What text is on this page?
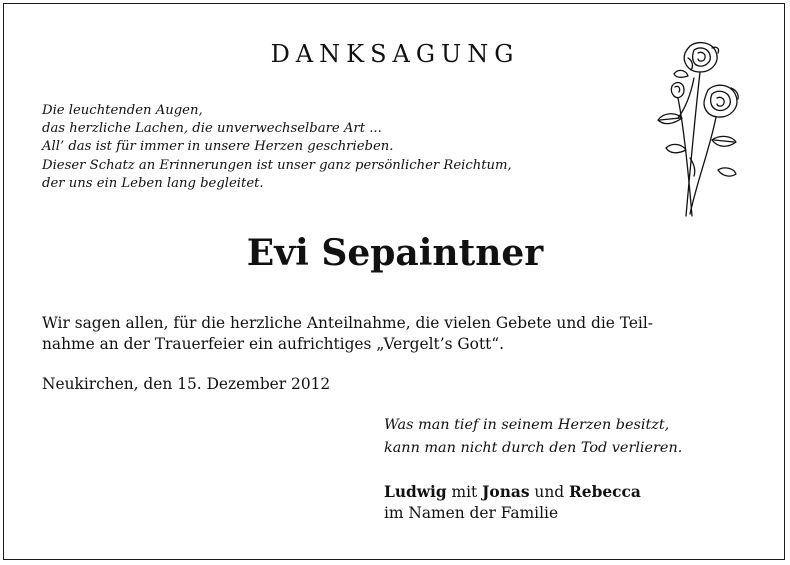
DANKSAGUNG
Die leuchtenden Augen,
das herzliche Lachen, die unverwechselbare Art ...
All’ das ist für immer in unsere Herzen geschrieben.
Dieser Schatz an Erinnerungen ist unser ganz persönlicher Reichtum,
der uns ein Leben lang begleitet.
Evi Sepaintner
Wir sagen allen, für die herzliche Anteilnahme, die vielen Gebete und die Teil-
nahme an der Trauerfeier ein aufrichtiges „Vergelt’s Gott“.
Neukirchen, den 15. Dezember 2012
Was man tief in seinem Herzen besitzt,
kann man nicht durch den Tod verlieren.
Ludwig mit Jonas und Rebecca
im Namen der Familie
